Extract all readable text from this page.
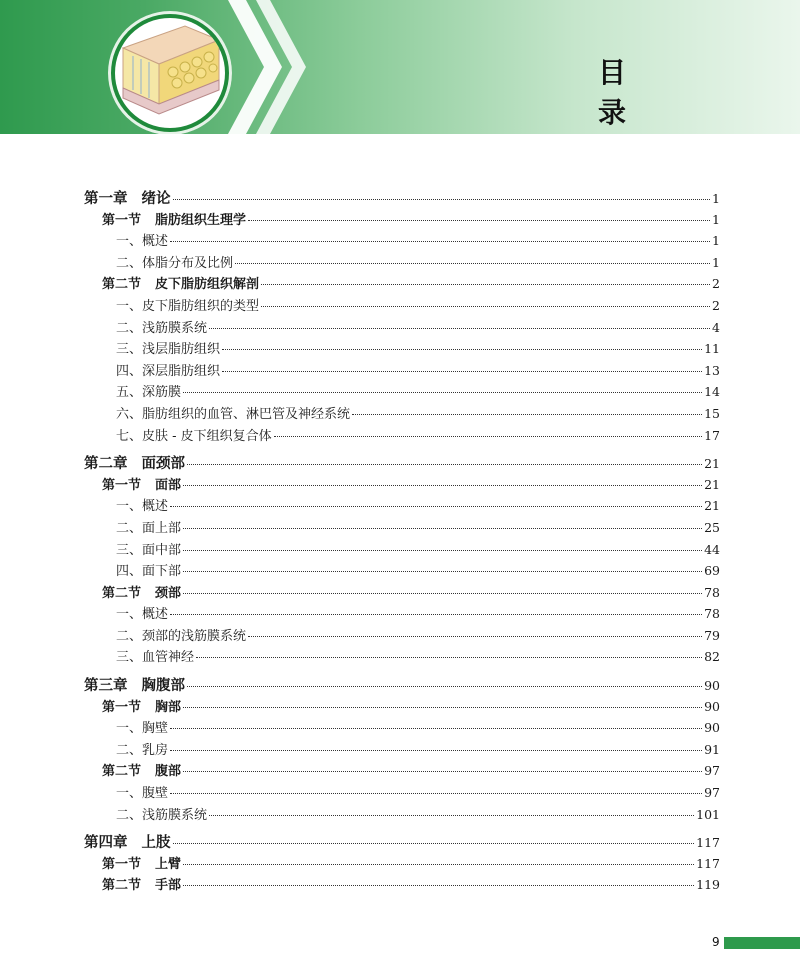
目　　录
第一章 绪论	1
第一节 脂肪组织生理学	1
一、概述	1
二、体脂分布及比例	1
第二节 皮下脂肪组织解剖	2
一、皮下脂肪组织的类型	2
二、浅筋膜系统	4
三、浅层脂肪组织	11
四、深层脂肪组织	13
五、深筋膜	14
六、脂肪组织的血管、淋巴管及神经系统	15
七、皮肤 - 皮下组织复合体	17
第二章 面颈部	21
第一节 面部	21
一、概述	21
二、面上部	25
三、面中部	44
四、面下部	69
第二节 颈部	78
一、概述	78
二、颈部的浅筋膜系统	79
三、血管神经	82
第三章 胸腹部	90
第一节 胸部	90
一、胸壁	90
二、乳房	91
第二节 腹部	97
一、腹壁	97
二、浅筋膜系统	101
第四章 上肢	117
第一节 上臂	117
第二节 手部	119
9
